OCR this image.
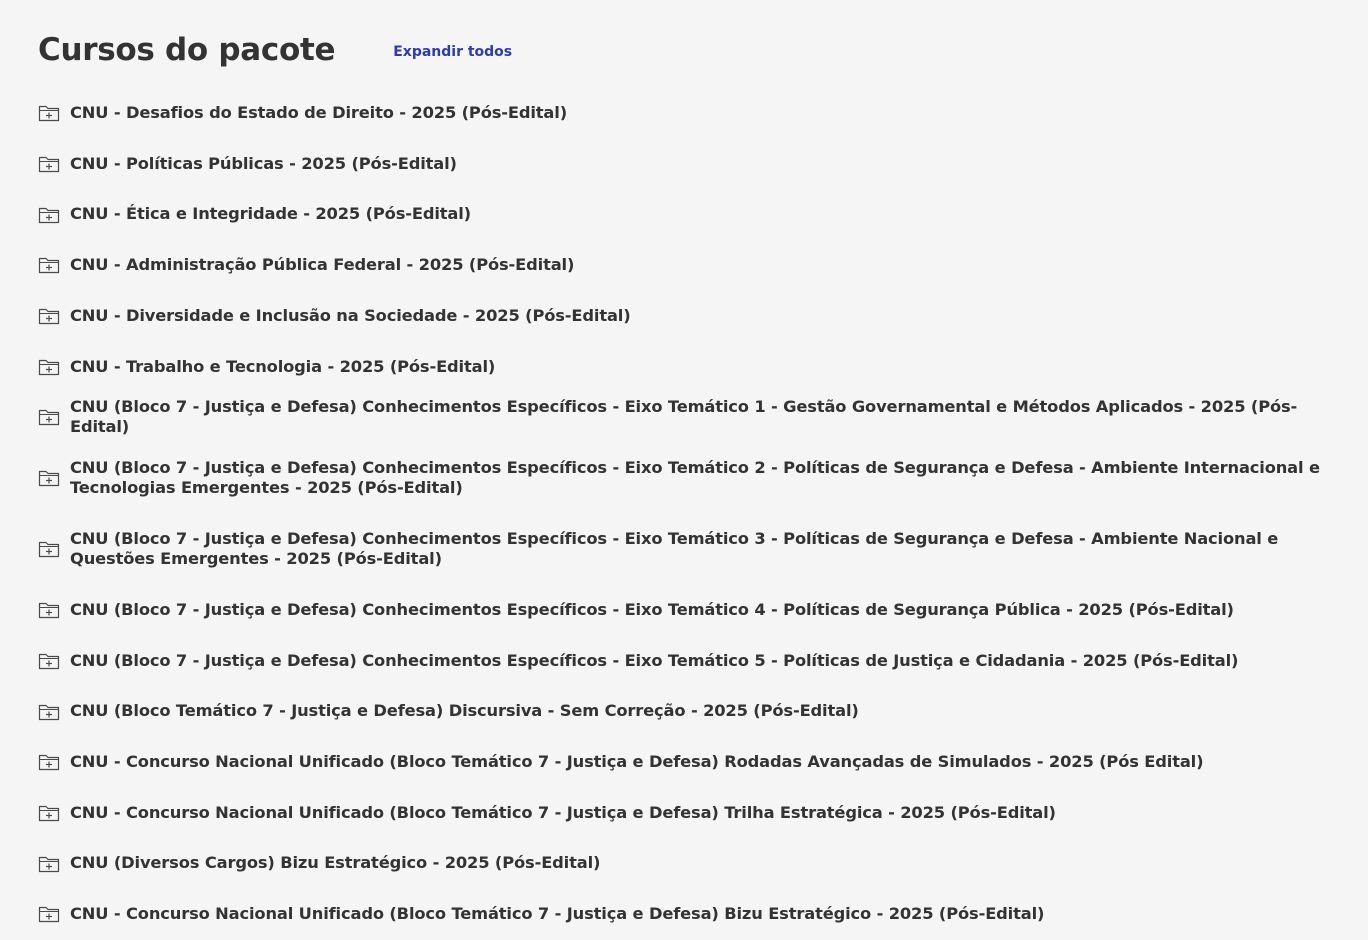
Cursos do pacote	Expandir todos
CNU - Desafios do Estado de Direito - 2025 (Pós-Edital)
CNU - Políticas Públicas - 2025 (Pós-Edital)
CNU - Ética e Integridade - 2025 (Pós-Edital)
CNU - Administração Pública Federal - 2025 (Pós-Edital)
CNU - Diversidade e Inclusão na Sociedade - 2025 (Pós-Edital)
CNU - Trabalho e Tecnologia - 2025 (Pós-Edital)
CNU (Bloco 7 - Justiça e Defesa) Conhecimentos Específicos - Eixo Temático 1 - Gestão Governamental e Métodos Aplicados - 2025 (Pós-Edital)
CNU (Bloco 7 - Justiça e Defesa) Conhecimentos Específicos - Eixo Temático 2 - Políticas de Segurança e Defesa - Ambiente Internacional e Tecnologias Emergentes - 2025 (Pós-Edital)
CNU (Bloco 7 - Justiça e Defesa) Conhecimentos Específicos - Eixo Temático 3 - Políticas de Segurança e Defesa - Ambiente Nacional e Questões Emergentes - 2025 (Pós-Edital)
CNU (Bloco 7 - Justiça e Defesa) Conhecimentos Específicos - Eixo Temático 4 - Políticas de Segurança Pública - 2025 (Pós-Edital)
CNU (Bloco 7 - Justiça e Defesa) Conhecimentos Específicos - Eixo Temático 5 - Políticas de Justiça e Cidadania - 2025 (Pós-Edital)
CNU (Bloco Temático 7 - Justiça e Defesa) Discursiva - Sem Correção - 2025 (Pós-Edital)
CNU - Concurso Nacional Unificado (Bloco Temático 7 - Justiça e Defesa) Rodadas Avançadas de Simulados - 2025 (Pós Edital)
CNU - Concurso Nacional Unificado (Bloco Temático 7 - Justiça e Defesa) Trilha Estratégica - 2025 (Pós-Edital)
CNU (Diversos Cargos) Bizu Estratégico - 2025 (Pós-Edital)
CNU - Concurso Nacional Unificado (Bloco Temático 7 - Justiça e Defesa) Bizu Estratégico - 2025 (Pós-Edital)
